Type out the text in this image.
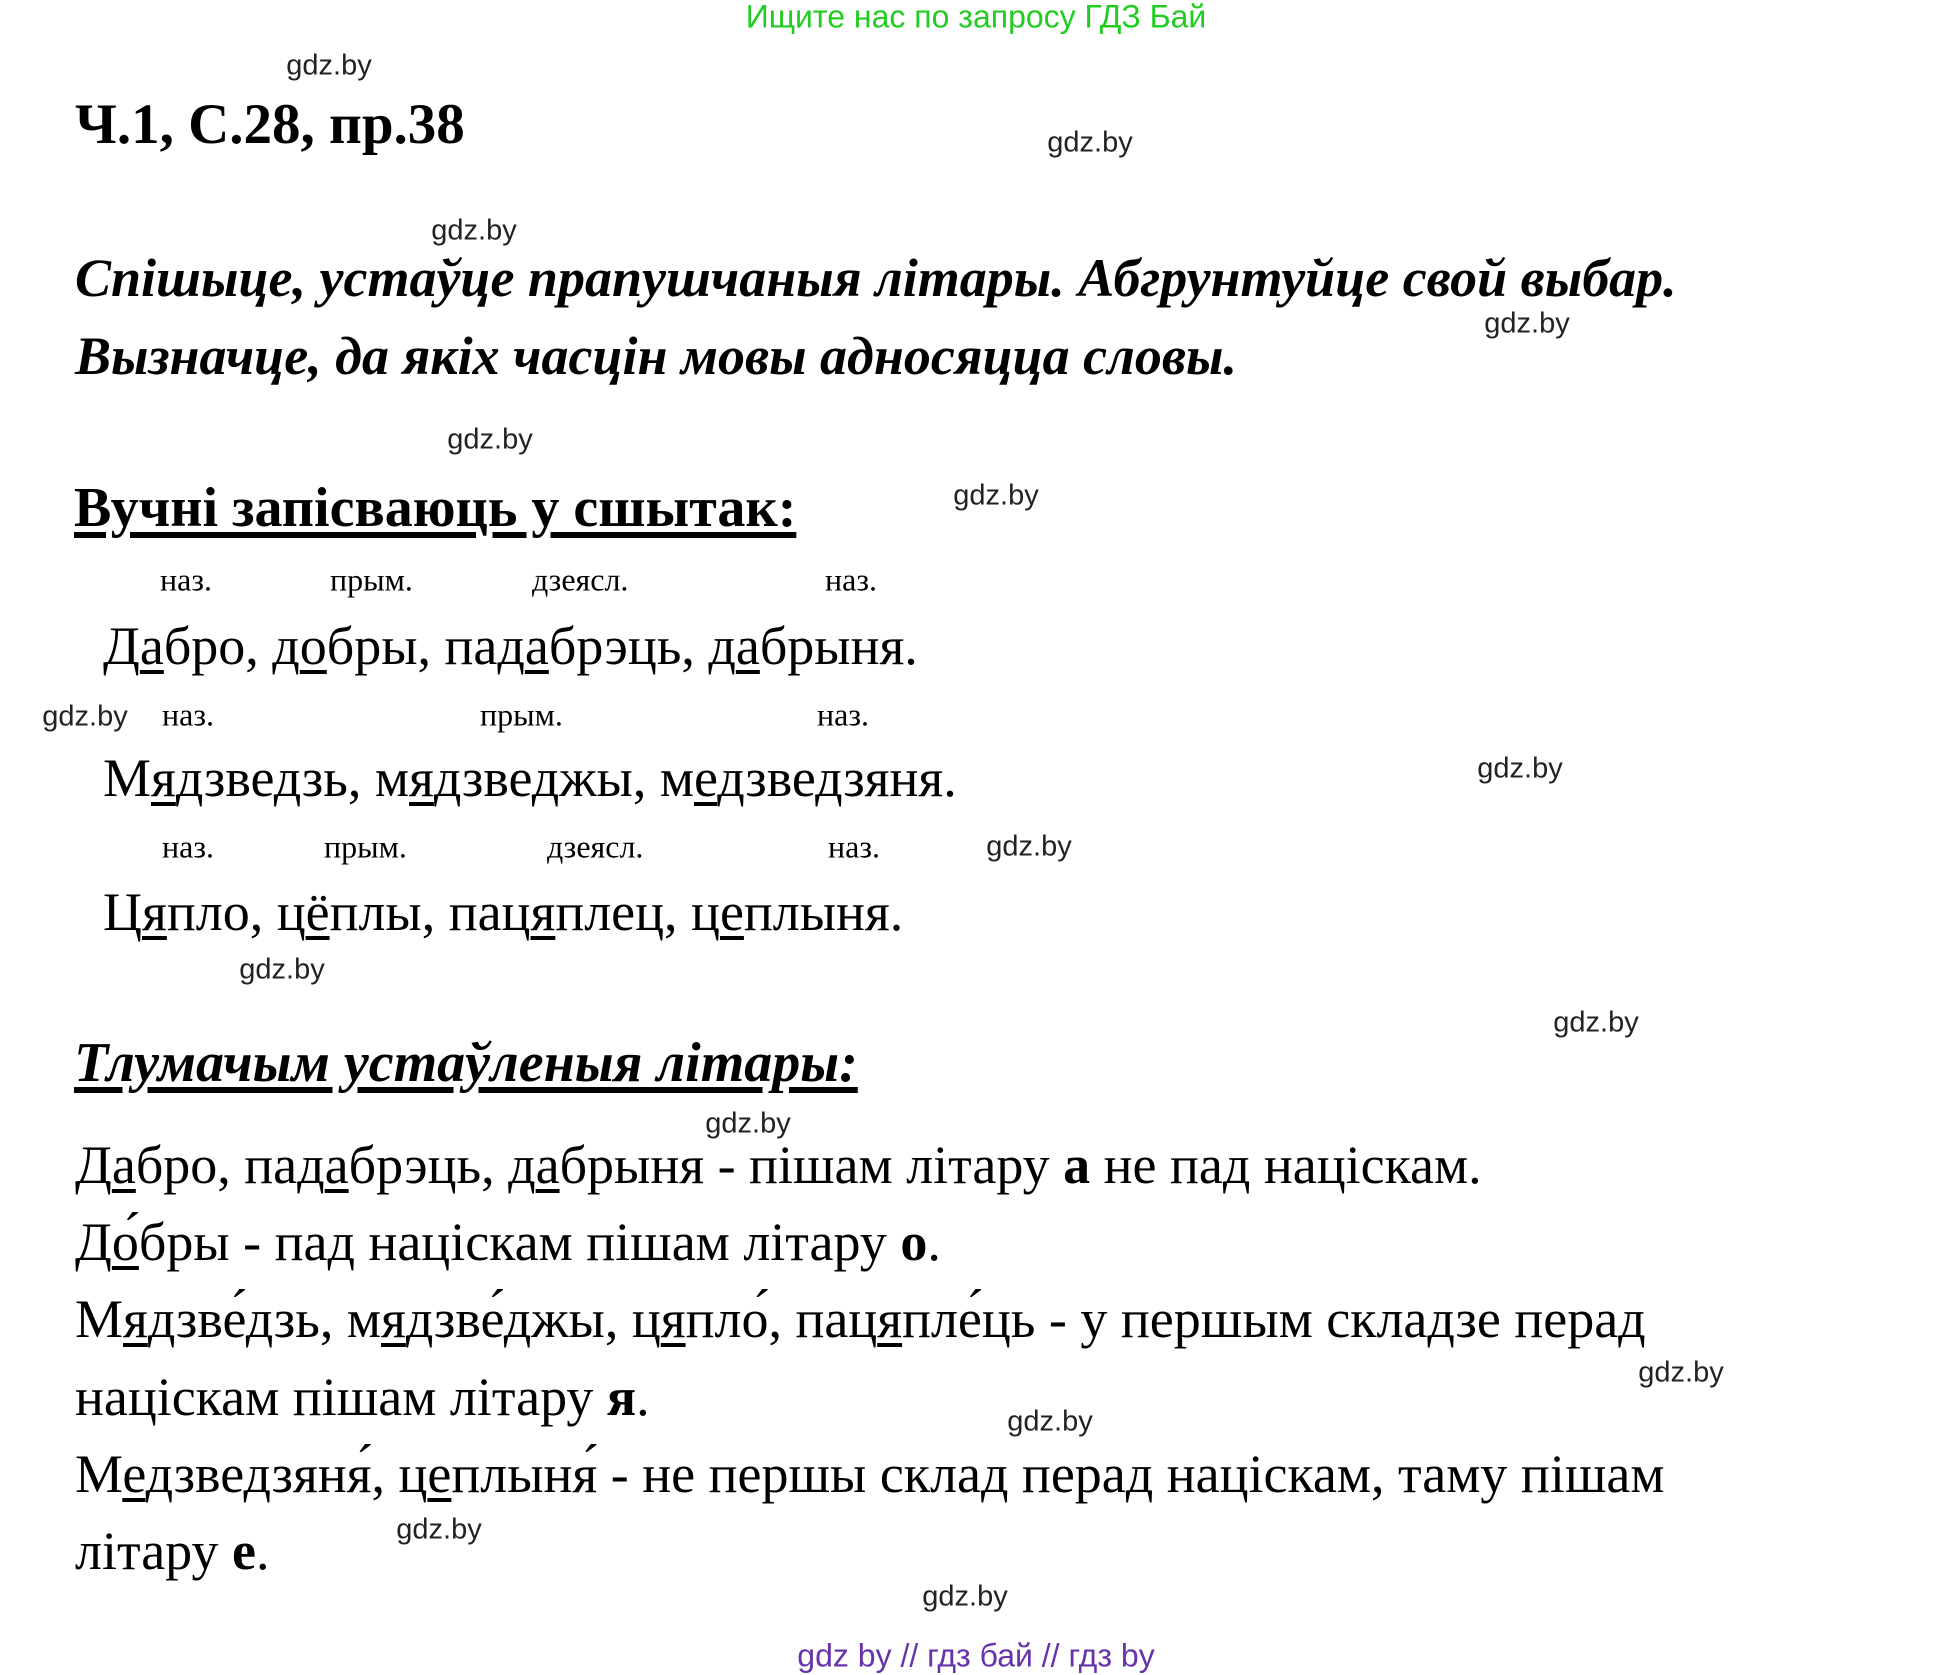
Ищите нас по запросу ГДЗ Бай
Ч.1, С.28, пр.38
Спішыце, устаўце прапушчаныя літары. Абгрунтуйце свой выбар.
Вызначце, да якіх часцін мовы адносяцца словы.
Вучні запісваюць у сшытак:
наз.	прым.	дзеясл.	наз.
Дабро, добры, падабрэць, дабрыня.
наз.	прым.	наз.
Мядзведзь, мядзведжы, медзведзяня.
наз.	прым.	дзеясл.	наз.
Цяпло, цёплы, пацяплец, цеплыня.
Тлумачым устаўленыя літары:
Дабро, падабрэць, дабрыня - пішам літару а не пад націскам.
До́бры - пад націскам пішам літару о.
Мядзве́дзь, мядзве́джы, цяпло́, пацяпле́ць - у першым складзе перад
націскам пішам літару я.
Медзведзяня́, цеплыня́ - не першы склад перад націскам, таму пішам
літару е.
gdz.by
gdz.by
gdz.by
gdz.by
gdz.by
gdz.by
gdz.by
gdz.by
gdz.by
gdz.by
gdz.by
gdz.by
gdz.by
gdz.by
gdz.by
gdz.by
gdz by // гдз бай // гдз by
